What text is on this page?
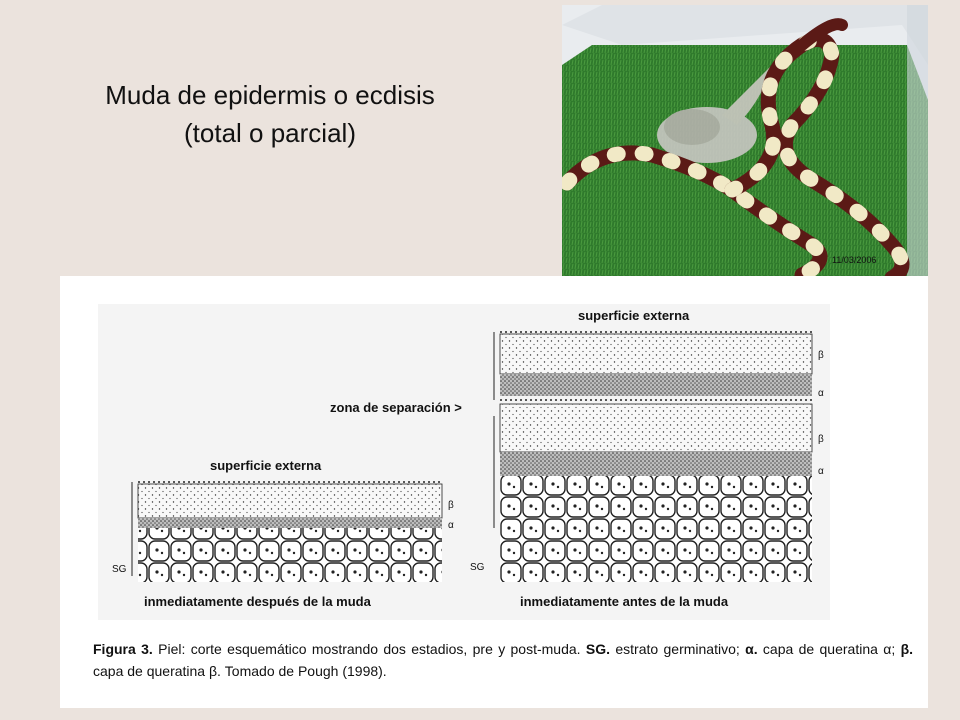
Muda de epidermis o ecdisis
(total o parcial)
11/03/2006
superficie externa
β
α
SG
inmediatamente después de la muda
superficie externa
β
α
zona de separación >
β
α
SG
inmediatamente antes de la muda
Figura 3. Piel: corte esquemático mostrando dos estadios, pre y post-muda. SG. estrato germinativo; α. capa de queratina α; β. capa de queratina β. Tomado de Pough (1998).
